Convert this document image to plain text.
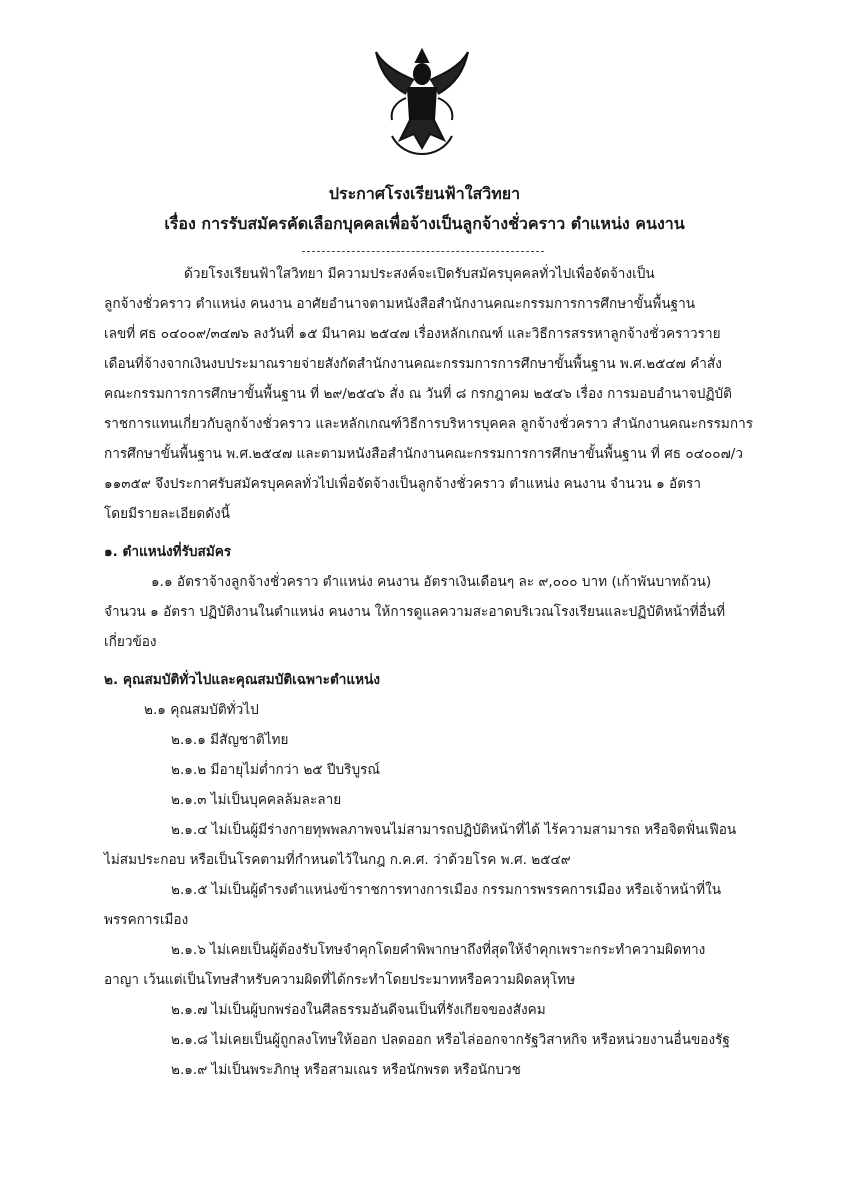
ประกาศโรงเรียนฟ้าใสวิทยา
เรื่อง การรับสมัครคัดเลือกบุคคลเพื่อจ้างเป็นลูกจ้างชั่วคราว ตำแหน่ง คนงาน
ด้วยโรงเรียนฟ้าใสวิทยา มีความประสงค์จะเปิดรับสมัครบุคคลทั่วไปเพื่อจัดจ้างเป็น
ลูกจ้างชั่วคราว ตำแหน่ง คนงาน อาศัยอำนาจตามหนังสือสำนักงานคณะกรรมการการศึกษาขั้นพื้นฐาน
เลขที่ ศธ ๐๔๐๐๙/๓๔๗๖ ลงวันที่ ๑๕ มีนาคม ๒๕๔๗ เรื่องหลักเกณฑ์ และวิธีการสรรหาลูกจ้างชั่วคราวราย
เดือนที่จ้างจากเงินงบประมาณรายจ่ายสังกัดสำนักงานคณะกรรมการการศึกษาขั้นพื้นฐาน พ.ศ.๒๕๔๗ คำสั่ง
คณะกรรมการการศึกษาขั้นพื้นฐาน ที่ ๒๙/๒๕๔๖ สั่ง ณ วันที่ ๘ กรกฎาคม ๒๕๔๖ เรื่อง การมอบอำนาจปฏิบัติ
ราชการแทนเกี่ยวกับลูกจ้างชั่วคราว และหลักเกณฑ์วิธีการบริหารบุคคล ลูกจ้างชั่วคราว สำนักงานคณะกรรมการ
การศึกษาขั้นพื้นฐาน พ.ศ.๒๕๔๗ และตามหนังสือสำนักงานคณะกรรมการการศึกษาขั้นพื้นฐาน ที่ ศธ ๐๔๐๐๗/ว
๑๑๓๕๙ จึงประกาศรับสมัครบุคคลทั่วไปเพื่อจัดจ้างเป็นลูกจ้างชั่วคราว ตำแหน่ง คนงาน จำนวน ๑ อัตรา
โดยมีรายละเอียดดังนี้
๑. ตำแหน่งที่รับสมัคร
๑.๑ อัตราจ้างลูกจ้างชั่วคราว ตำแหน่ง คนงาน อัตราเงินเดือนๆ ละ ๙,๐๐๐ บาท (เก้าพันบาทถ้วน)
จำนวน ๑ อัตรา ปฏิบัติงานในตำแหน่ง คนงาน ให้การดูแลความสะอาดบริเวณโรงเรียนและปฏิบัติหน้าที่อื่นที่
เกี่ยวข้อง
๒. คุณสมบัติทั่วไปและคุณสมบัติเฉพาะตำแหน่ง
๒.๑ คุณสมบัติทั่วไป
๒.๑.๑ มีสัญชาติไทย
๒.๑.๒ มีอายุไม่ต่ำกว่า ๒๕ ปีบริบูรณ์
๒.๑.๓ ไม่เป็นบุคคลล้มละลาย
๒.๑.๔ ไม่เป็นผู้มีร่างกายทุพพลภาพจนไม่สามารถปฏิบัติหน้าที่ได้ ไร้ความสามารถ หรือจิตฟั่นเฟือน
ไม่สมประกอบ หรือเป็นโรคตามที่กำหนดไว้ในกฎ ก.ค.ศ. ว่าด้วยโรค พ.ศ. ๒๕๔๙
๒.๑.๕ ไม่เป็นผู้ดำรงตำแหน่งข้าราชการทางการเมือง กรรมการพรรคการเมือง หรือเจ้าหน้าที่ใน
พรรคการเมือง
๒.๑.๖ ไม่เคยเป็นผู้ต้องรับโทษจำคุกโดยคำพิพากษาถึงที่สุดให้จำคุกเพราะกระทำความผิดทาง
อาญา เว้นแต่เป็นโทษสำหรับความผิดที่ได้กระทำโดยประมาทหรือความผิดลหุโทษ
๒.๑.๗ ไม่เป็นผู้บกพร่องในศีลธรรมอันดีจนเป็นที่รังเกียจของสังคม
๒.๑.๘ ไม่เคยเป็นผู้ถูกลงโทษให้ออก ปลดออก หรือไล่ออกจากรัฐวิสาหกิจ หรือหน่วยงานอื่นของรัฐ
๒.๑.๙ ไม่เป็นพระภิกษุ หรือสามเณร หรือนักพรต หรือนักบวช
